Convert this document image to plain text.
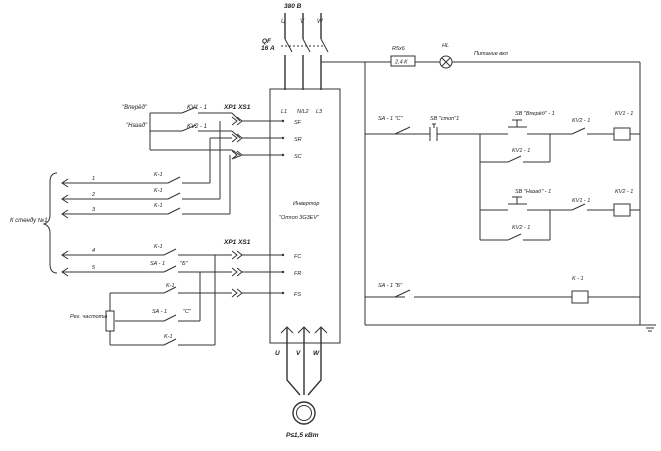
380 В
U V W
QF
16 А
L1 N/L2 L3
Инвертор
"Omron 3G3EV"
SF
SR
SC
FC
FR
FS
U	V W
P≤1,5 кВт
"Вперёд"
"Назад"
KV1 - 1
KV2 - 1
XP1 XS1
1
2
3
K-1
K-1
K-1
К стенду №1
XP1 XS1
4
5
K-1
SA - 1	"Б"
Рег. частоты
K-1
SA - 1	"С"
K-1
R5x6
2,4 К
HL
Питание вкл
SA - 1 "С"	SB "стоп"1
SB "Вперёд" - 1
KV2 - 1
KV1 - 1
KV1 - 1
SB "Назад" - 1
KV1 - 1
KV2 - 1
KV2 - 1
SA - 1 "Б"
K - 1
